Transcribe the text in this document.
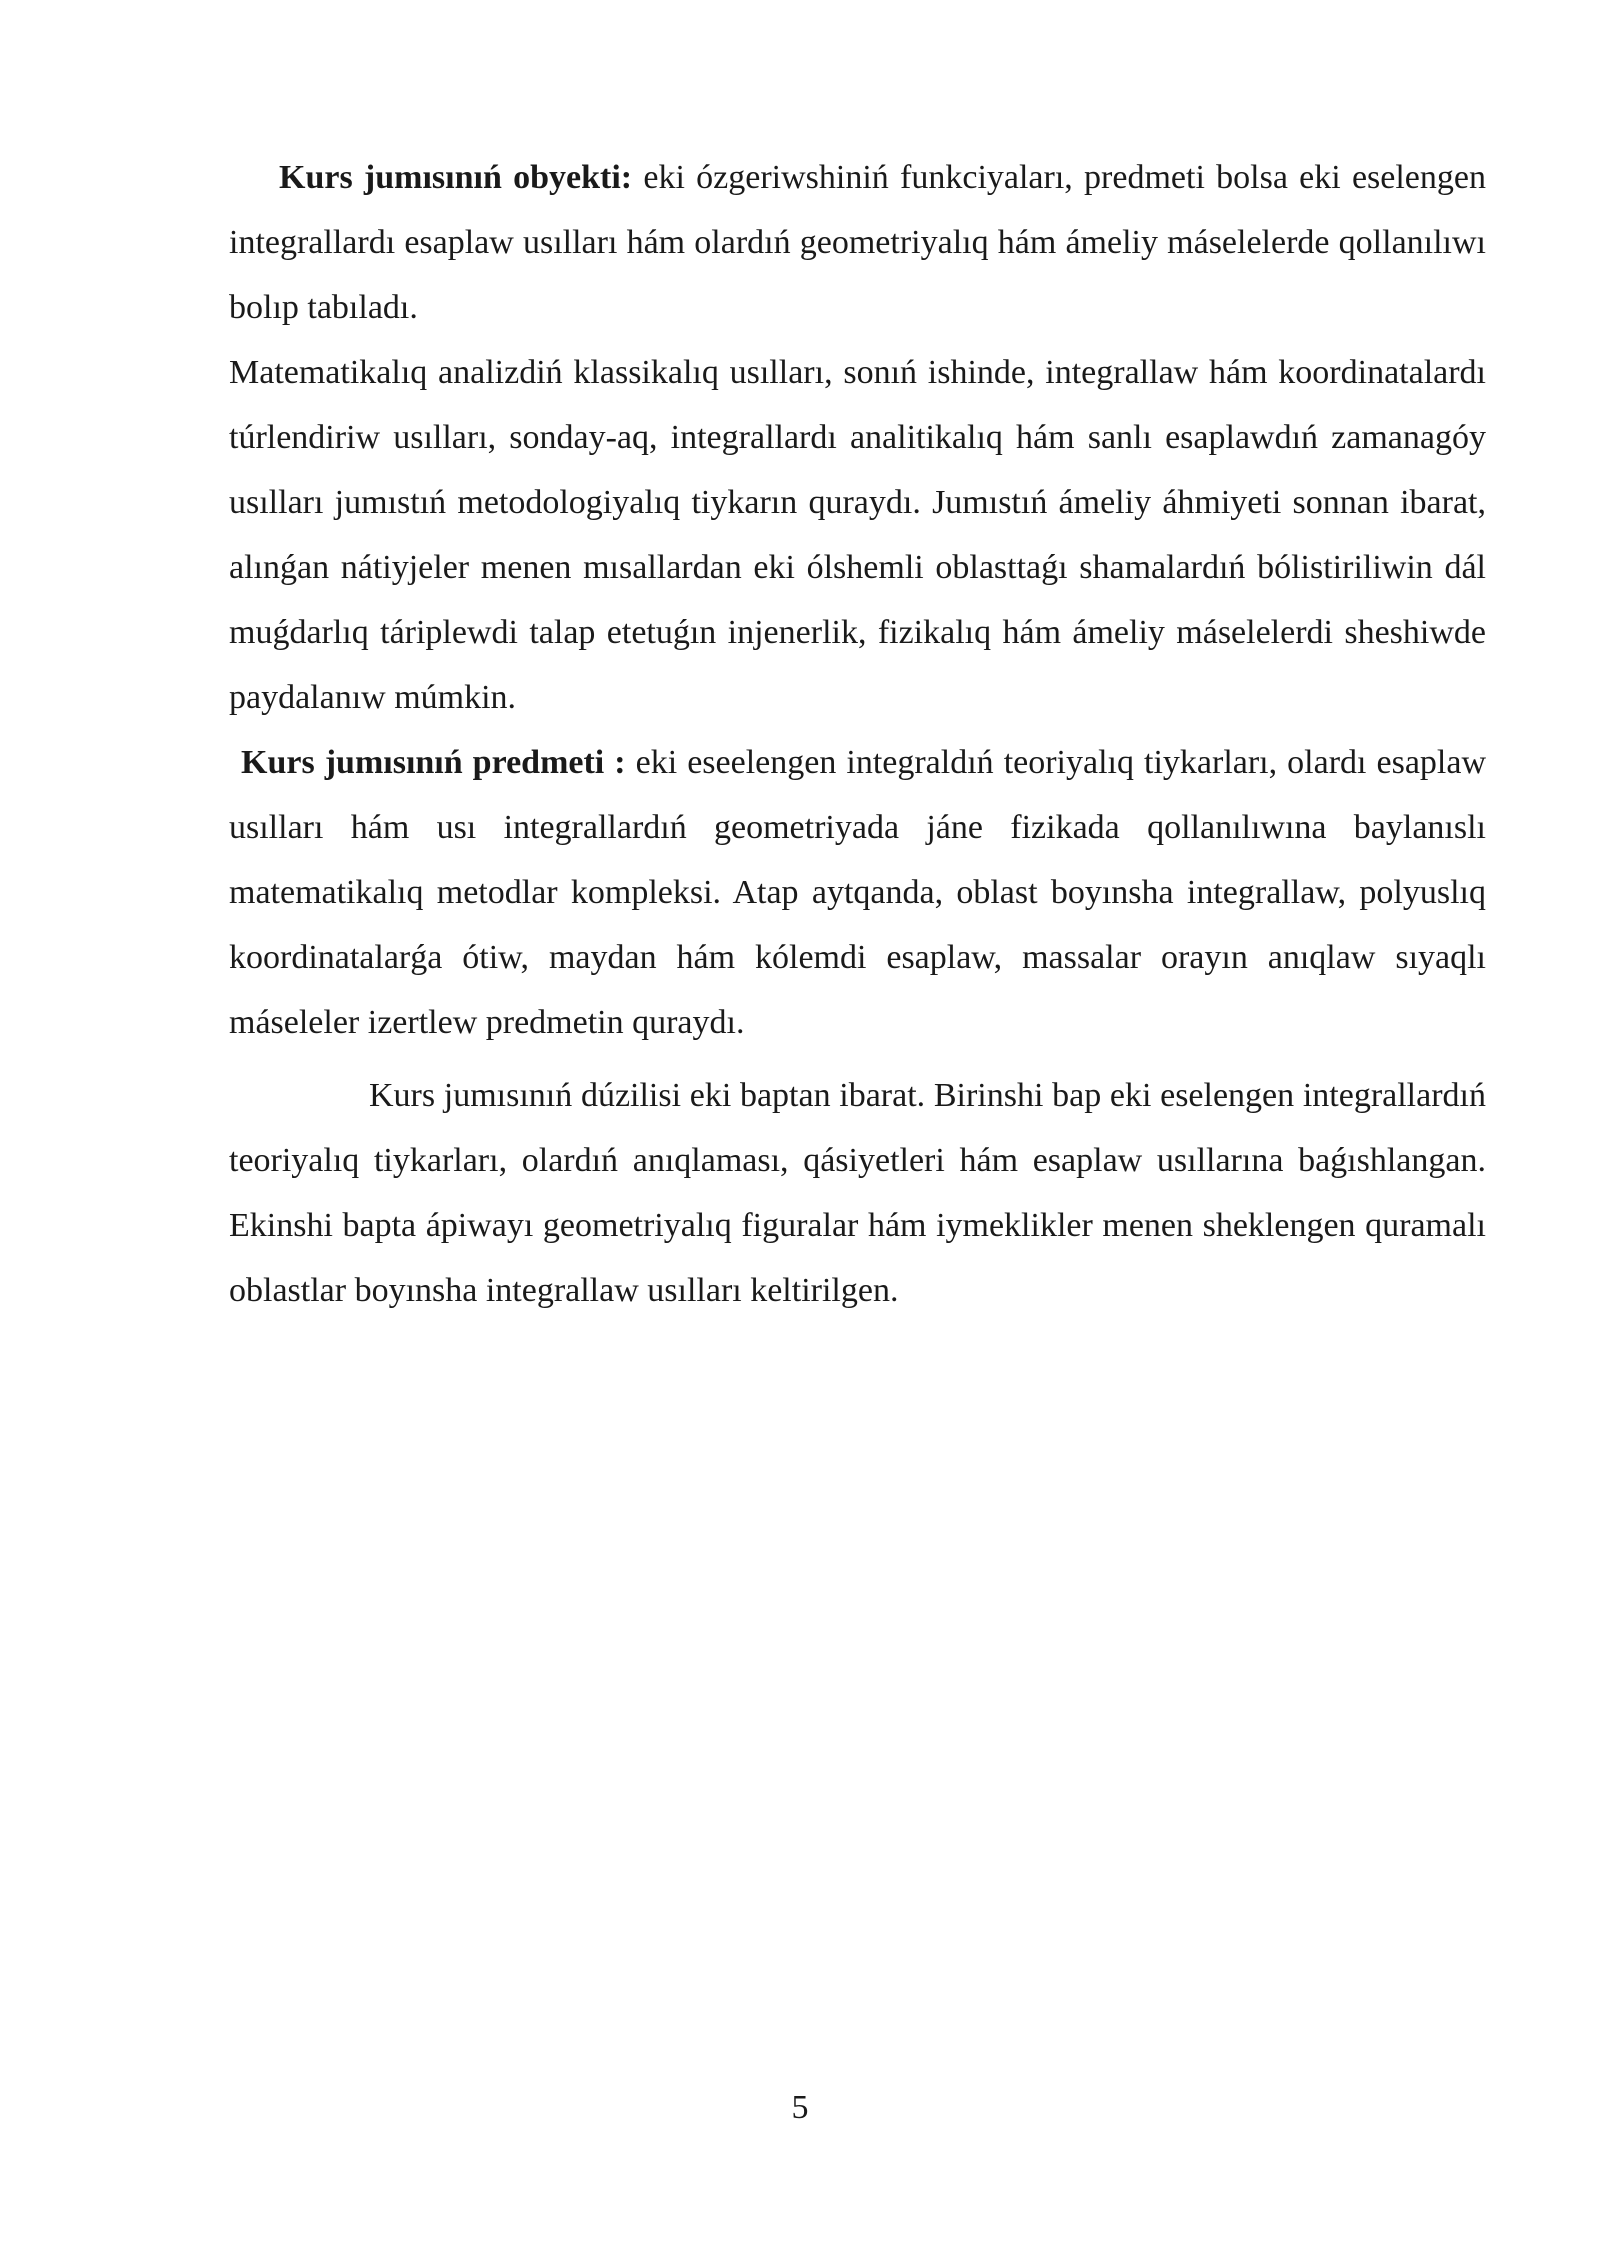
Kurs jumısınıń obyekti: eki ózgeriwshiniń funkciyaları, predmeti bolsa eki eselengen integrallardı esaplaw usılları hám olardıń geometriyalıq hám ámeliy máselelerde qollanılıwı bolıp tabıladı.

Matematikalıq analizdiń klassikalıq usılları, sonıń ishinde, integrallaw hám koordinatalardı túrlendiriw usılları, sonday-aq, integrallardı analitikalıq hám sanlı esaplawdıń zamanagóy usılları jumıstıń metodologiyalıq tiykarın quraydı. Jumıstıń ámeliy áhmiyeti sonnan ibarat, alınǵan nátiyjeler menen mısallardan eki ólshemli oblasttaǵı shamalardıń bólistiriliwin dál muǵdarlıq táriplewdi talap etetuǵın injenerlik, fizikalıq hám ámeliy máselelerdi sheshiwde paydalanıw múmkin.

Kurs jumısınıń predmeti : eki eseelengen integraldıń teoriyalıq tiykarları, olardı esaplaw usılları hám usı integrallardıń geometriyada jáne fizikada qollanılıwına baylanıslı matematikalıq metodlar kompleksi. Atap aytqanda, oblast boyınsha integrallaw, polyuslıq koordinatalarǵa ótiw, maydan hám kólemdi esaplaw, massalar orayın anıqlaw sıyaqlı máseleler izertlew predmetin quraydı.

Kurs jumısınıń dúzilisi eki baptan ibarat. Birinshi bap eki eselengen integrallardıń teoriyalıq tiykarları, olardıń anıqlaması, qásiyetleri hám esaplaw usıllarına baǵıshlangan. Ekinshi bapta ápiwayı geometriyalıq figuralar hám iymeklikler menen sheklengen quramalı oblastlar boyınsha integrallaw usılları keltirilgen.

5
